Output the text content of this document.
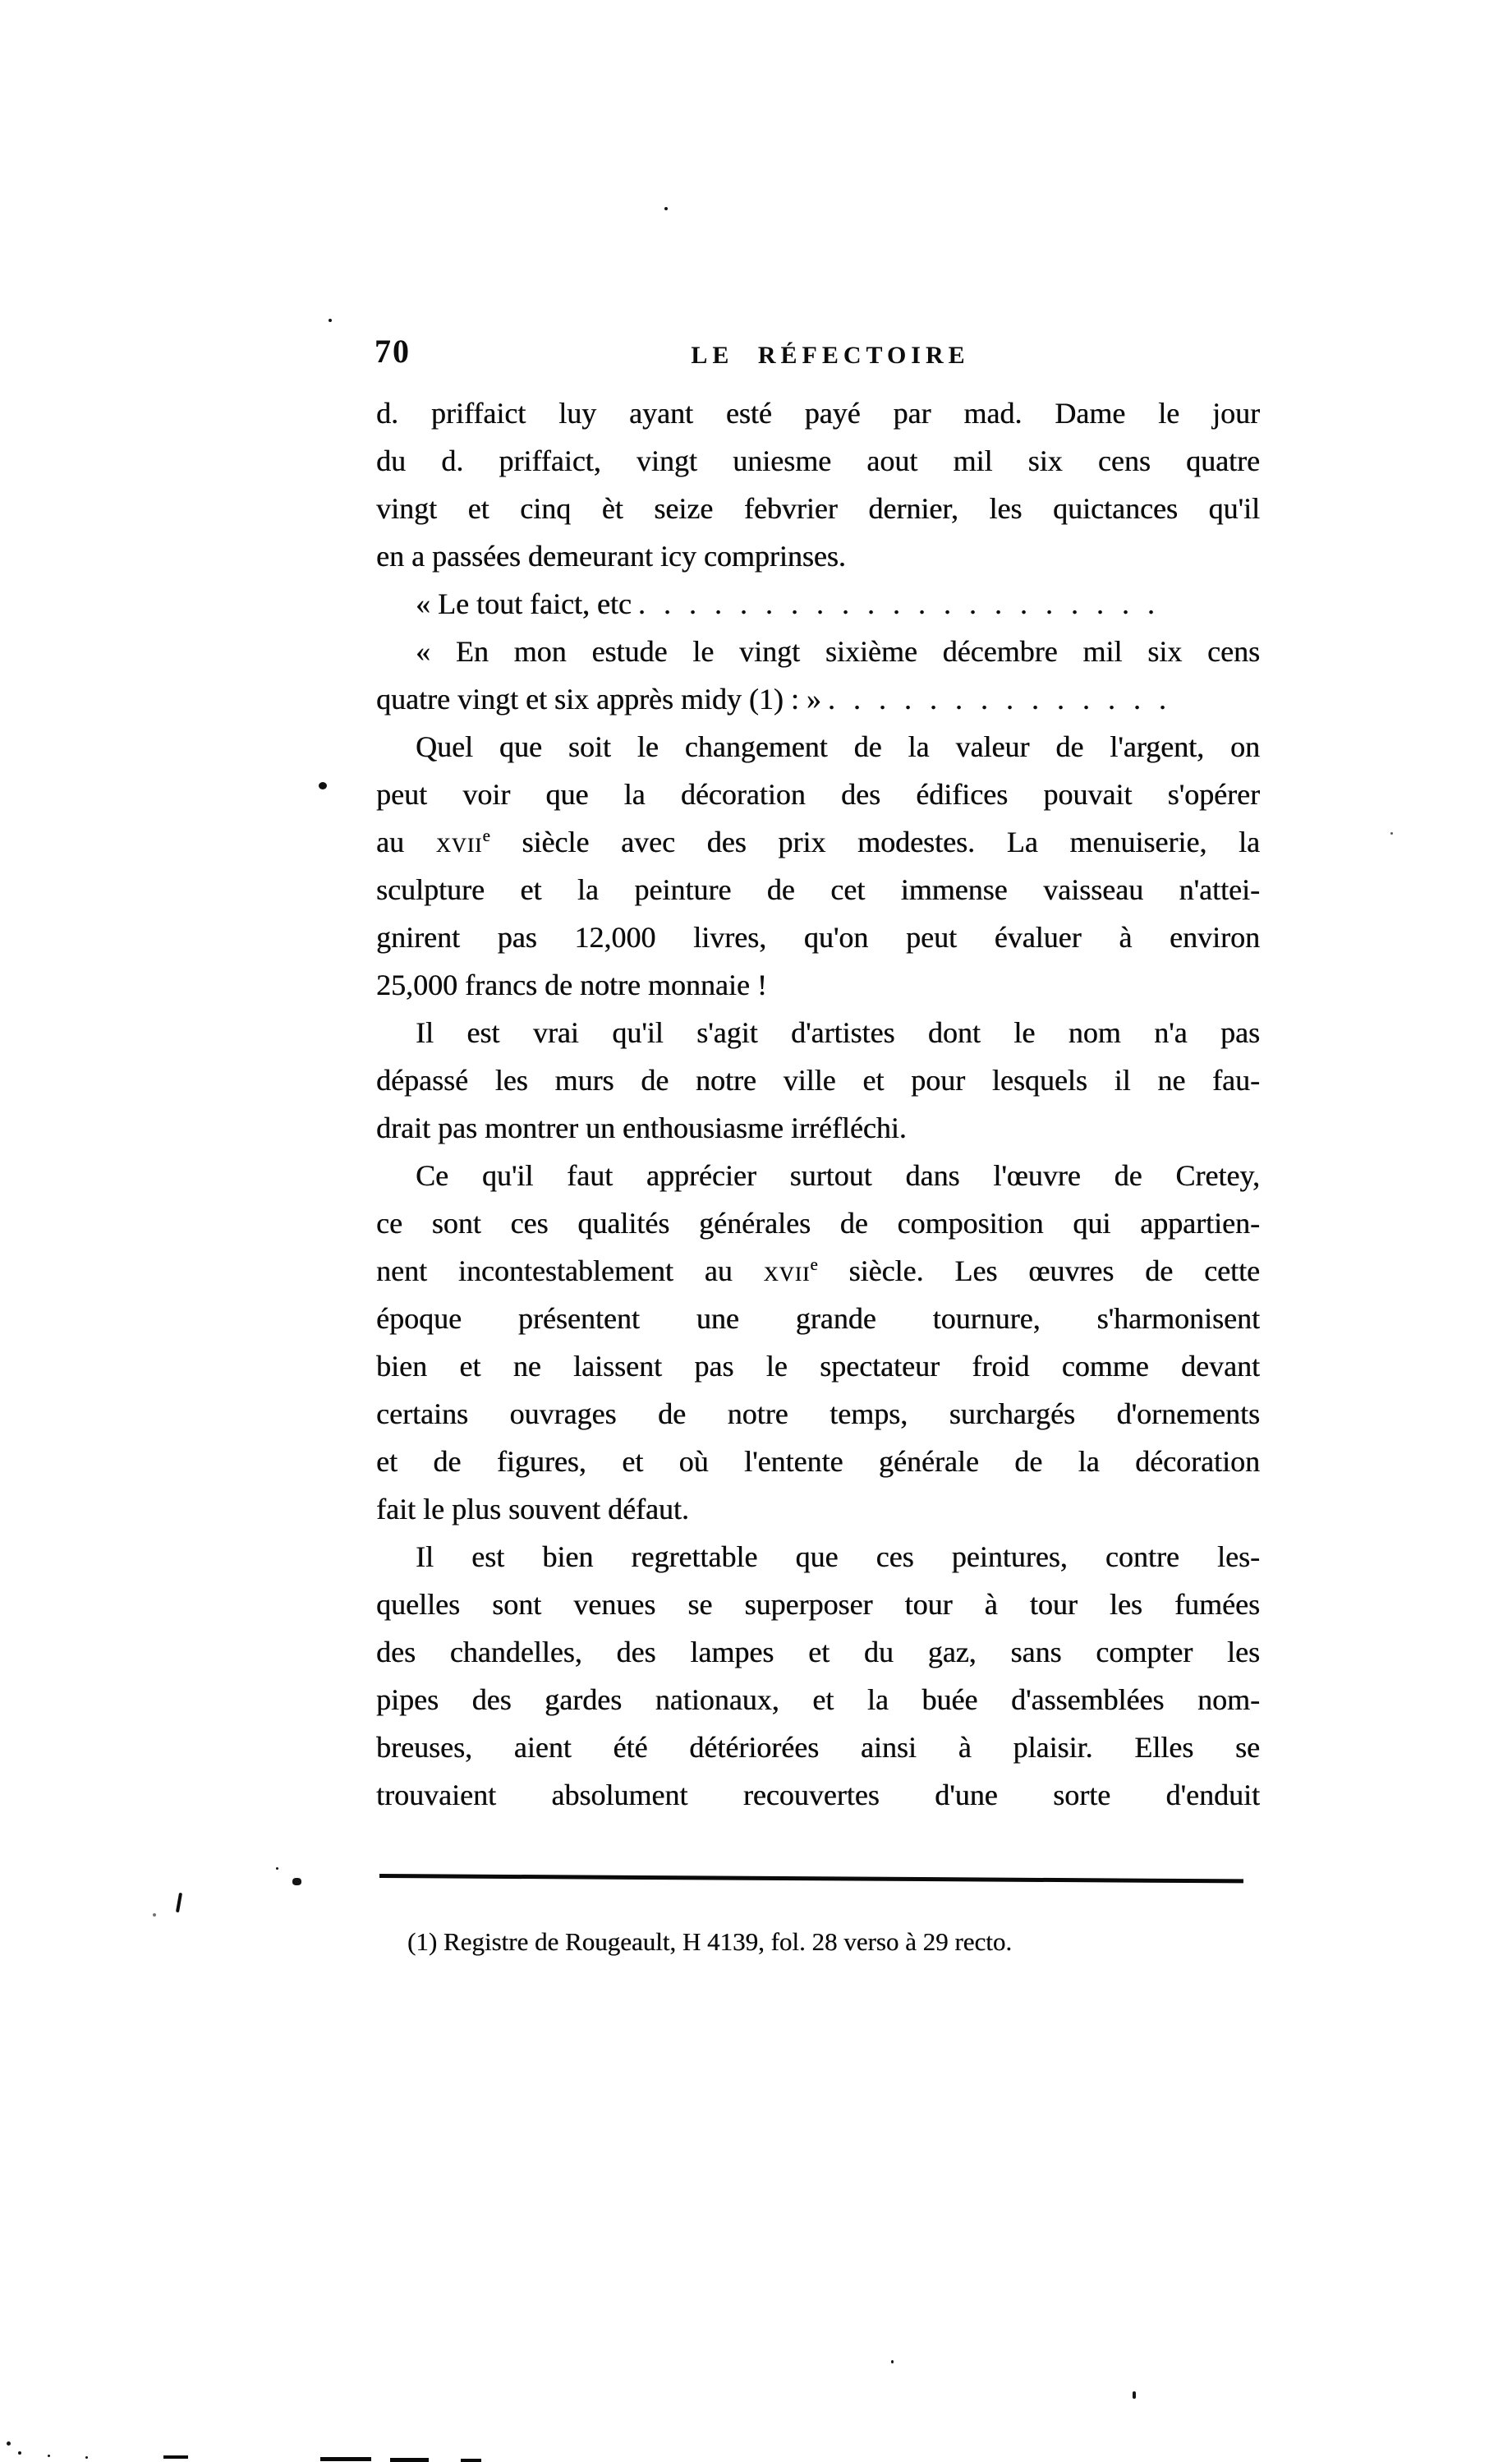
70	LE RÉFECTOIRE
d. priffaict luy ayant esté payé par mad. Dame le jour
du d. priffaict, vingt uniesme aout mil six cens quatre
vingt et cinq èt seize febvrier dernier, les quictances qu'il
en a passées demeurant icy comprinses.
« Le tout faict, etc .....................
« En mon estude le vingt sixième décembre mil six cens
quatre vingt et six apprès midy (1) : » ..............
Quel que soit le changement de la valeur de l'argent, on
peut voir que la décoration des édifices pouvait s'opérer
au xvii$^e$ siècle avec des prix modestes. La menuiserie, la
sculpture et la peinture de cet immense vaisseau n'attei-
gnirent pas 12,000 livres, qu'on peut évaluer à environ
25,000 francs de notre monnaie !
Il est vrai qu'il s'agit d'artistes dont le nom n'a pas
dépassé les murs de notre ville et pour lesquels il ne fau-
drait pas montrer un enthousiasme irréfléchi.
Ce qu'il faut apprécier surtout dans l'œuvre de Cretey,
ce sont ces qualités générales de composition qui appartien-
nent incontestablement au xvii$^e$ siècle. Les œuvres de cette
époque présentent une grande tournure, s'harmonisent
bien et ne laissent pas le spectateur froid comme devant
certains ouvrages de notre temps, surchargés d'ornements
et de figures, et où l'entente générale de la décoration
fait le plus souvent défaut.
Il est bien regrettable que ces peintures, contre les-
quelles sont venues se superposer tour à tour les fumées
des chandelles, des lampes et du gaz, sans compter les
pipes des gardes nationaux, et la buée d'assemblées nom-
breuses, aient été détériorées ainsi à plaisir. Elles se
trouvaient absolument recouvertes d'une sorte d'enduit
(1) Registre de Rougeault, H 4139, fol. 28 verso à 29 recto.
